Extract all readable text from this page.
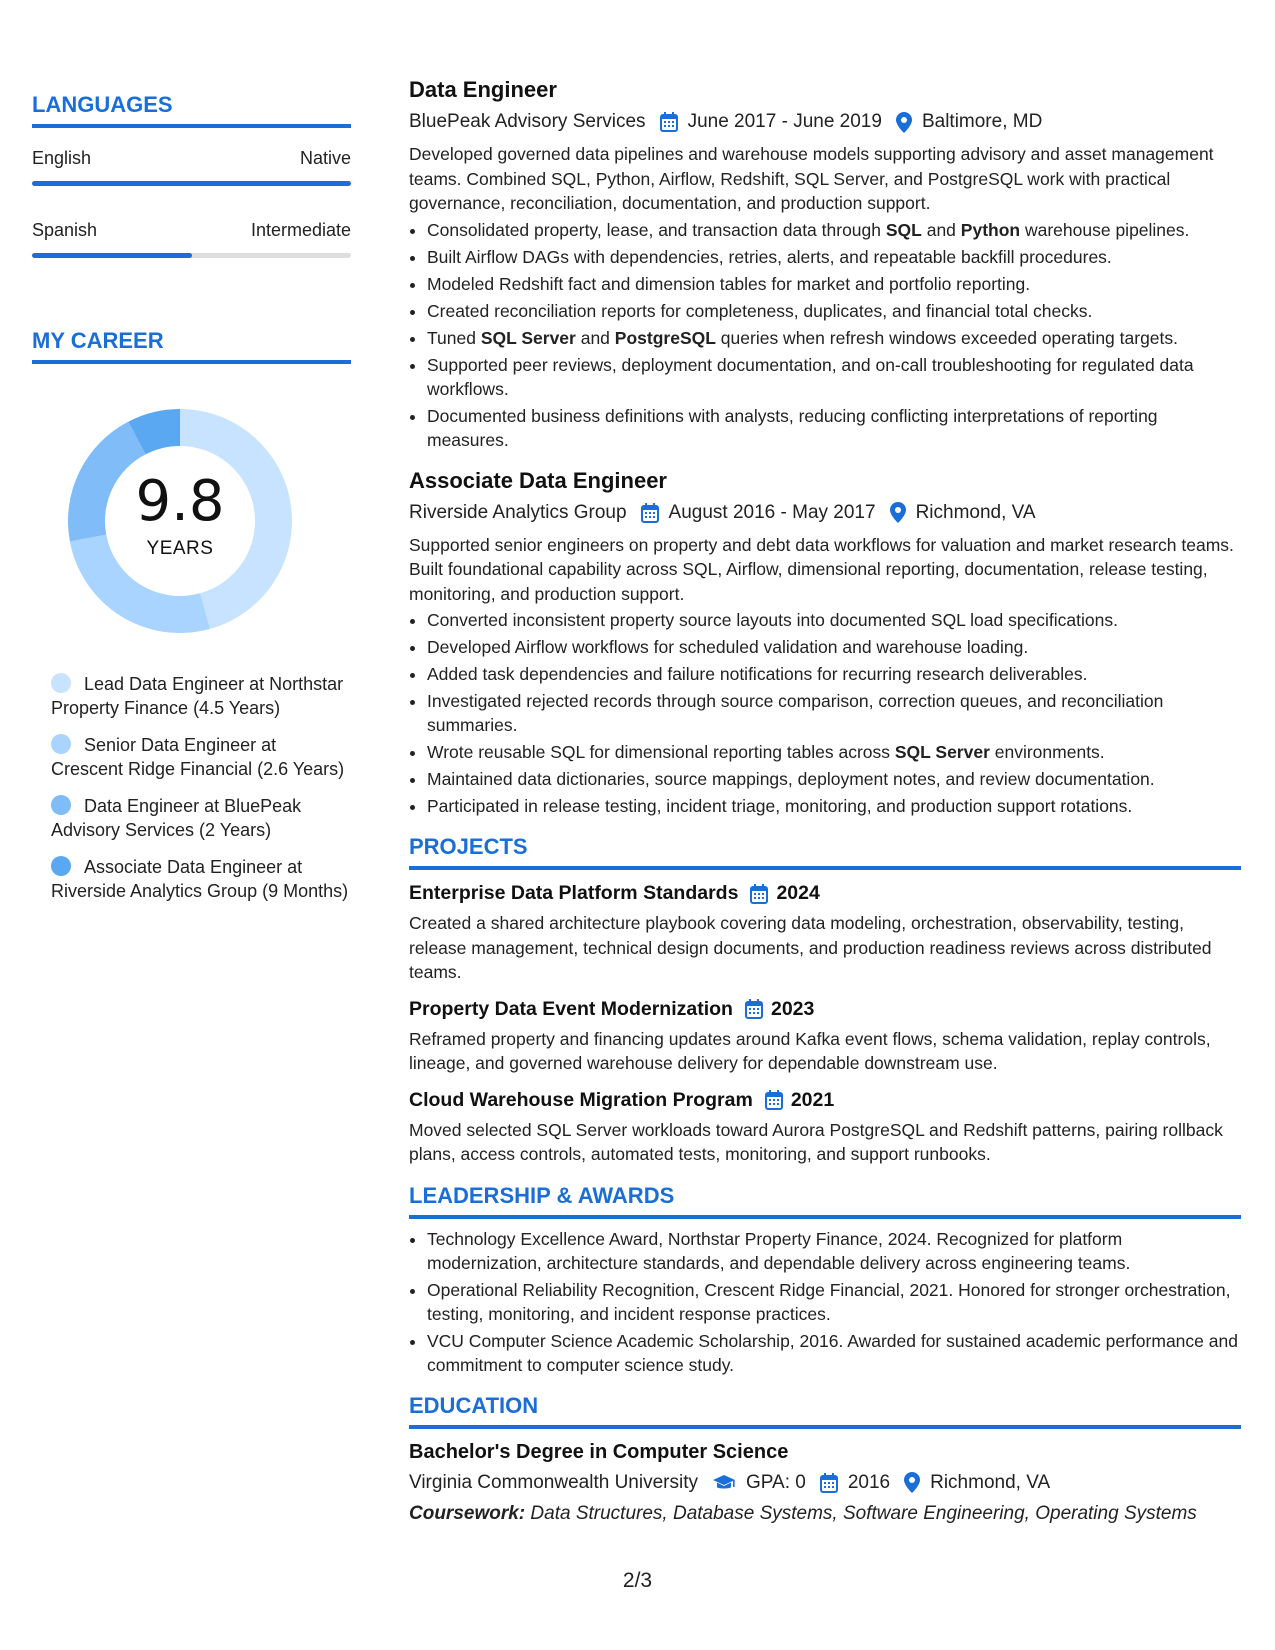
LANGUAGES
English	Native
Spanish	Intermediate
MY CAREER
9.8
YEARS
Lead Data Engineer at Northstar Property Finance (4.5 Years)
Senior Data Engineer at Crescent Ridge Financial (2.6 Years)
Data Engineer at BluePeak Advisory Services (2 Years)
Associate Data Engineer at Riverside Analytics Group (9 Months)
Data Engineer
BluePeak Advisory Services June 2017 - June 2019 Baltimore, MD
Developed governed data pipelines and warehouse models supporting advisory and asset management teams. Combined SQL, Python, Airflow, Redshift, SQL Server, and PostgreSQL work with practical governance, reconciliation, documentation, and production support.
• Consolidated property, lease, and transaction data through SQL and Python warehouse pipelines.
• Built Airflow DAGs with dependencies, retries, alerts, and repeatable backfill procedures.
• Modeled Redshift fact and dimension tables for market and portfolio reporting.
• Created reconciliation reports for completeness, duplicates, and financial total checks.
• Tuned SQL Server and PostgreSQL queries when refresh windows exceeded operating targets.
• Supported peer reviews, deployment documentation, and on-call troubleshooting for regulated data workflows.
• Documented business definitions with analysts, reducing conflicting interpretations of reporting measures.
Associate Data Engineer
Riverside Analytics Group August 2016 - May 2017 Richmond, VA
Supported senior engineers on property and debt data workflows for valuation and market research teams. Built foundational capability across SQL, Airflow, dimensional reporting, documentation, release testing, monitoring, and production support.
• Converted inconsistent property source layouts into documented SQL load specifications.
• Developed Airflow workflows for scheduled validation and warehouse loading.
• Added task dependencies and failure notifications for recurring research deliverables.
• Investigated rejected records through source comparison, correction queues, and reconciliation summaries.
• Wrote reusable SQL for dimensional reporting tables across SQL Server environments.
• Maintained data dictionaries, source mappings, deployment notes, and review documentation.
• Participated in release testing, incident triage, monitoring, and production support rotations.
PROJECTS
Enterprise Data Platform Standards 2024
Created a shared architecture playbook covering data modeling, orchestration, observability, testing, release management, technical design documents, and production readiness reviews across distributed teams.
Property Data Event Modernization 2023
Reframed property and financing updates around Kafka event flows, schema validation, replay controls, lineage, and governed warehouse delivery for dependable downstream use.
Cloud Warehouse Migration Program 2021
Moved selected SQL Server workloads toward Aurora PostgreSQL and Redshift patterns, pairing rollback plans, access controls, automated tests, monitoring, and support runbooks.
LEADERSHIP & AWARDS
• Technology Excellence Award, Northstar Property Finance, 2024. Recognized for platform modernization, architecture standards, and dependable delivery across engineering teams.
• Operational Reliability Recognition, Crescent Ridge Financial, 2021. Honored for stronger orchestration, testing, monitoring, and incident response practices.
• VCU Computer Science Academic Scholarship, 2016. Awarded for sustained academic performance and commitment to computer science study.
EDUCATION
Bachelor's Degree in Computer Science
Virginia Commonwealth University	GPA: 0 2016 Richmond, VA
Coursework: Data Structures, Database Systems, Software Engineering, Operating Systems
2/3
